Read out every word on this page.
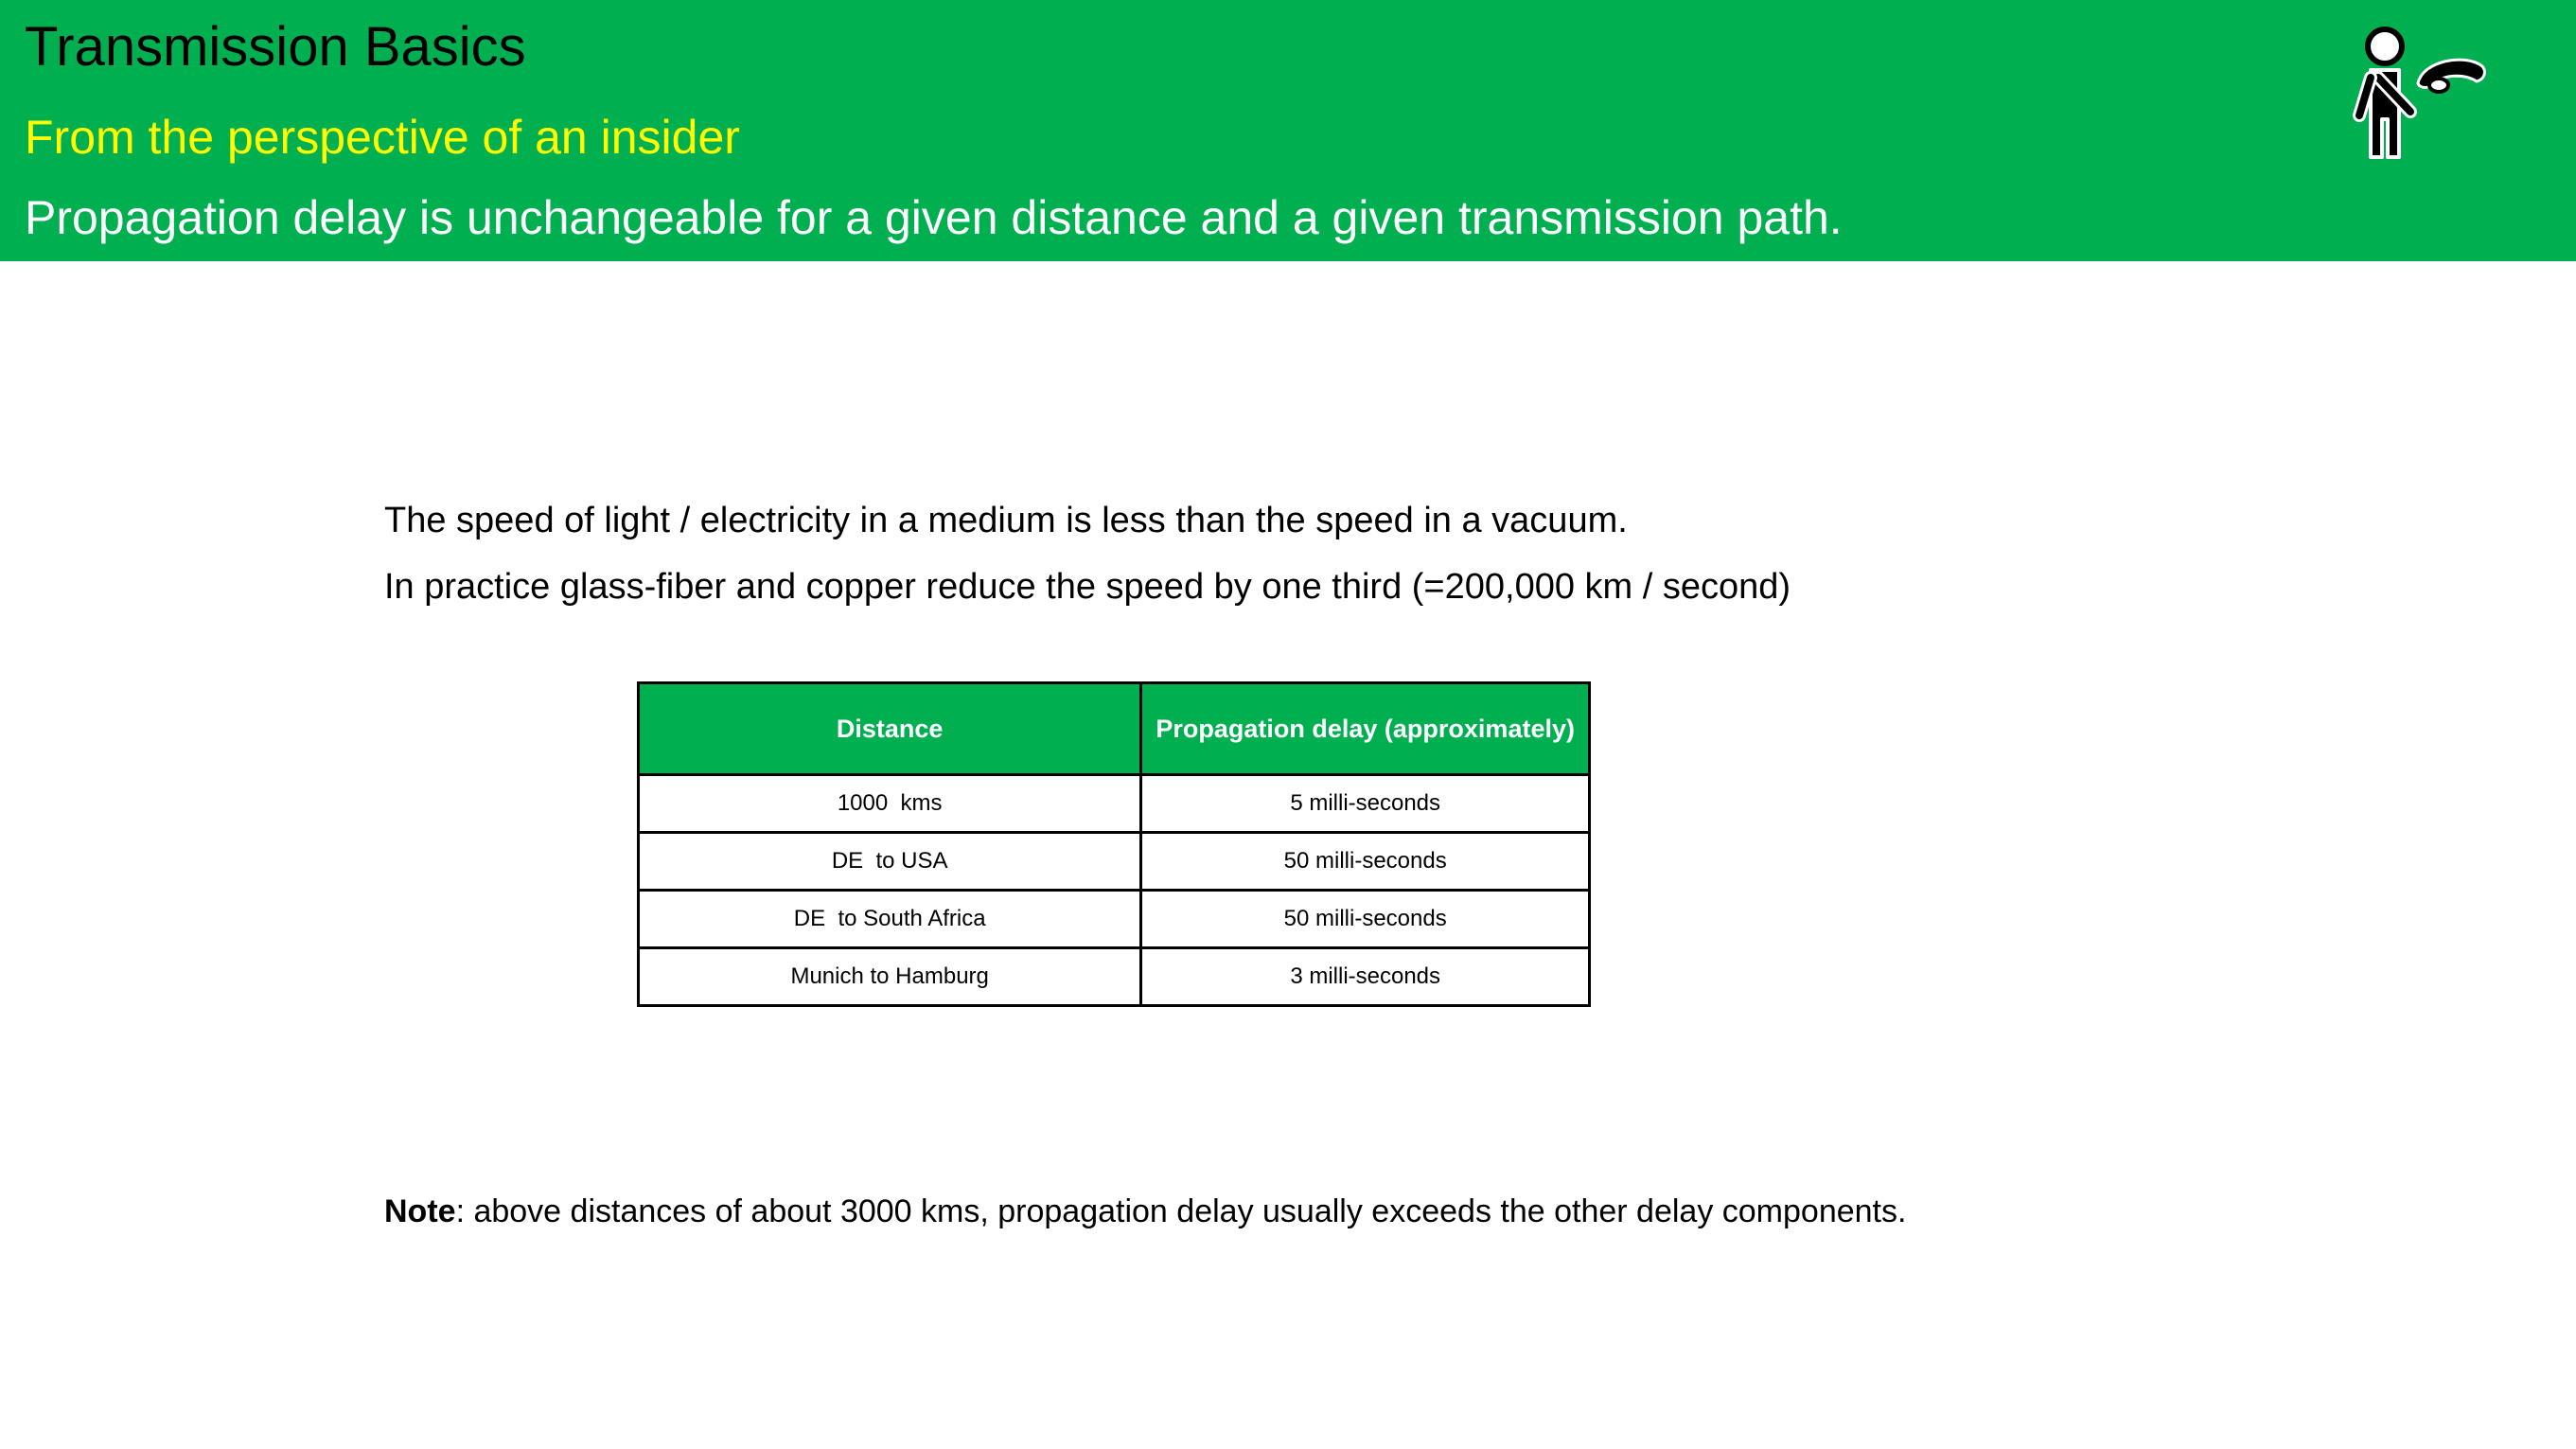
Transmission Basics
From the perspective of an insider
Propagation delay is unchangeable for a given distance and a given transmission path.
The speed of light / electricity in a medium is less than the speed in a vacuum.
In practice glass-fiber and copper reduce the speed by one third (=200,000 km / second)
Distance	Propagation delay (approximately)
1000  kms	5 milli-seconds
DE  to USA	50 milli-seconds
DE  to South Africa	50 milli-seconds
Munich to Hamburg	3 milli-seconds
Note: above distances of about 3000 kms, propagation delay usually exceeds the other delay components.
